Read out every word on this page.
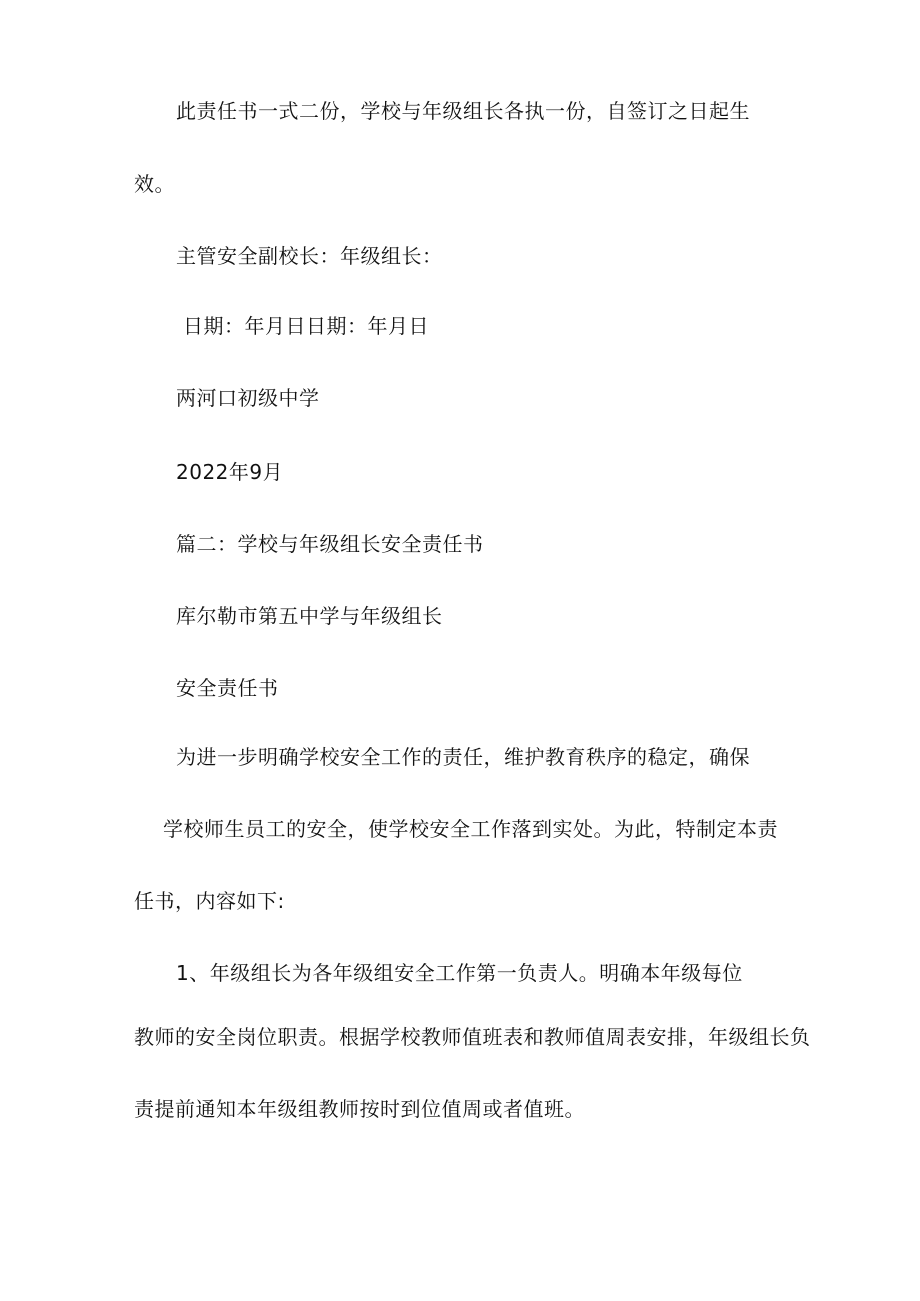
此责任书一式二份，学校与年级组长各执一份，自签订之日起生
效。
主管安全副校长：年级组长：
日期：年月日日期：年月日
两河口初级中学
2022年9月
篇二：学校与年级组长安全责任书
库尔勒市第五中学与年级组长
安全责任书
为进一步明确学校安全工作的责任，维护教育秩序的稳定，确保
学校师生员工的安全，使学校安全工作落到实处。为此，特制定本责
任书，内容如下:
1、年级组长为各年级组安全工作第一负责人。明确本年级每位
教师的安全岗位职责。根据学校教师值班表和教师值周表安排，年级组长负
责提前通知本年级组教师按时到位值周或者值班。
